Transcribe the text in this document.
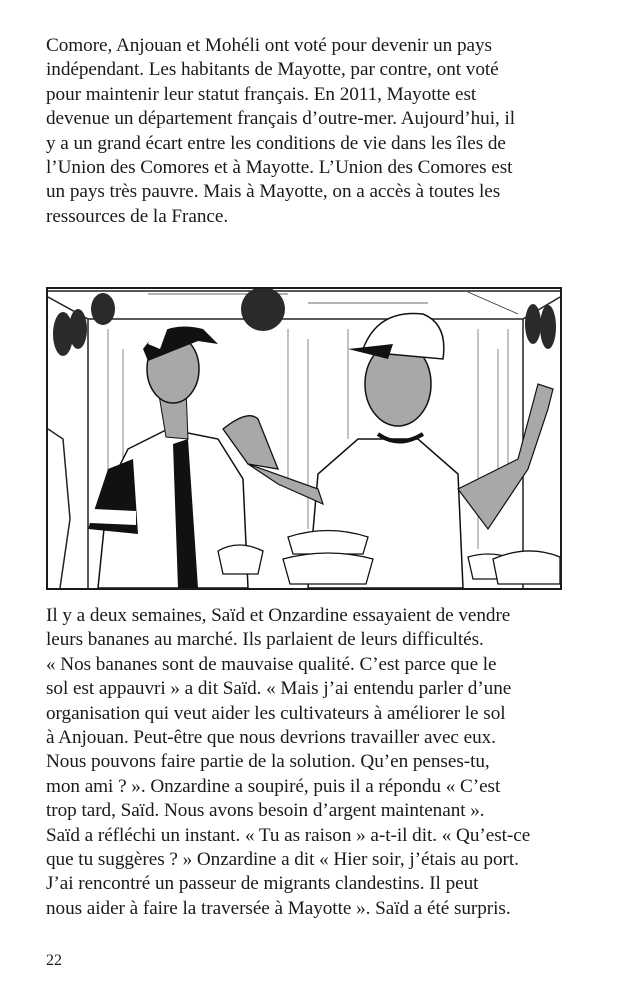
Comore, Anjouan et Mohéli ont voté pour devenir un pays
indépendant. Les habitants de Mayotte, par contre, ont voté
pour maintenir leur statut français. En 2011, Mayotte est
devenue un département français d’outre-mer. Aujourd’hui, il
y a un grand écart entre les conditions de vie dans les îles de
l’Union des Comores et à Mayotte. L’Union des Comores est
un pays très pauvre. Mais à Mayotte, on a accès à toutes les
ressources de la France.
Il y a deux semaines, Saïd et Onzardine essayaient de vendre
leurs bananes au marché. Ils parlaient de leurs difficultés.
« Nos bananes sont de mauvaise qualité. C’est parce que le
sol est appauvri » a dit Saïd. « Mais j’ai entendu parler d’une
organisation qui veut aider les cultivateurs à améliorer le sol
à Anjouan. Peut-être que nous devrions travailler avec eux.
Nous pouvons faire partie de la solution. Qu’en penses-tu,
mon ami ? ». Onzardine a soupiré, puis il a répondu « C’est
trop tard, Saïd. Nous avons besoin d’argent maintenant ».
Saïd a réfléchi un instant. « Tu as raison » a-t-il dit. « Qu’est-ce
que tu suggères ? » Onzardine a dit « Hier soir, j’étais au port.
J’ai rencontré un passeur de migrants clandestins. Il peut
nous aider à faire la traversée à Mayotte ». Saïd a été surpris.
22
